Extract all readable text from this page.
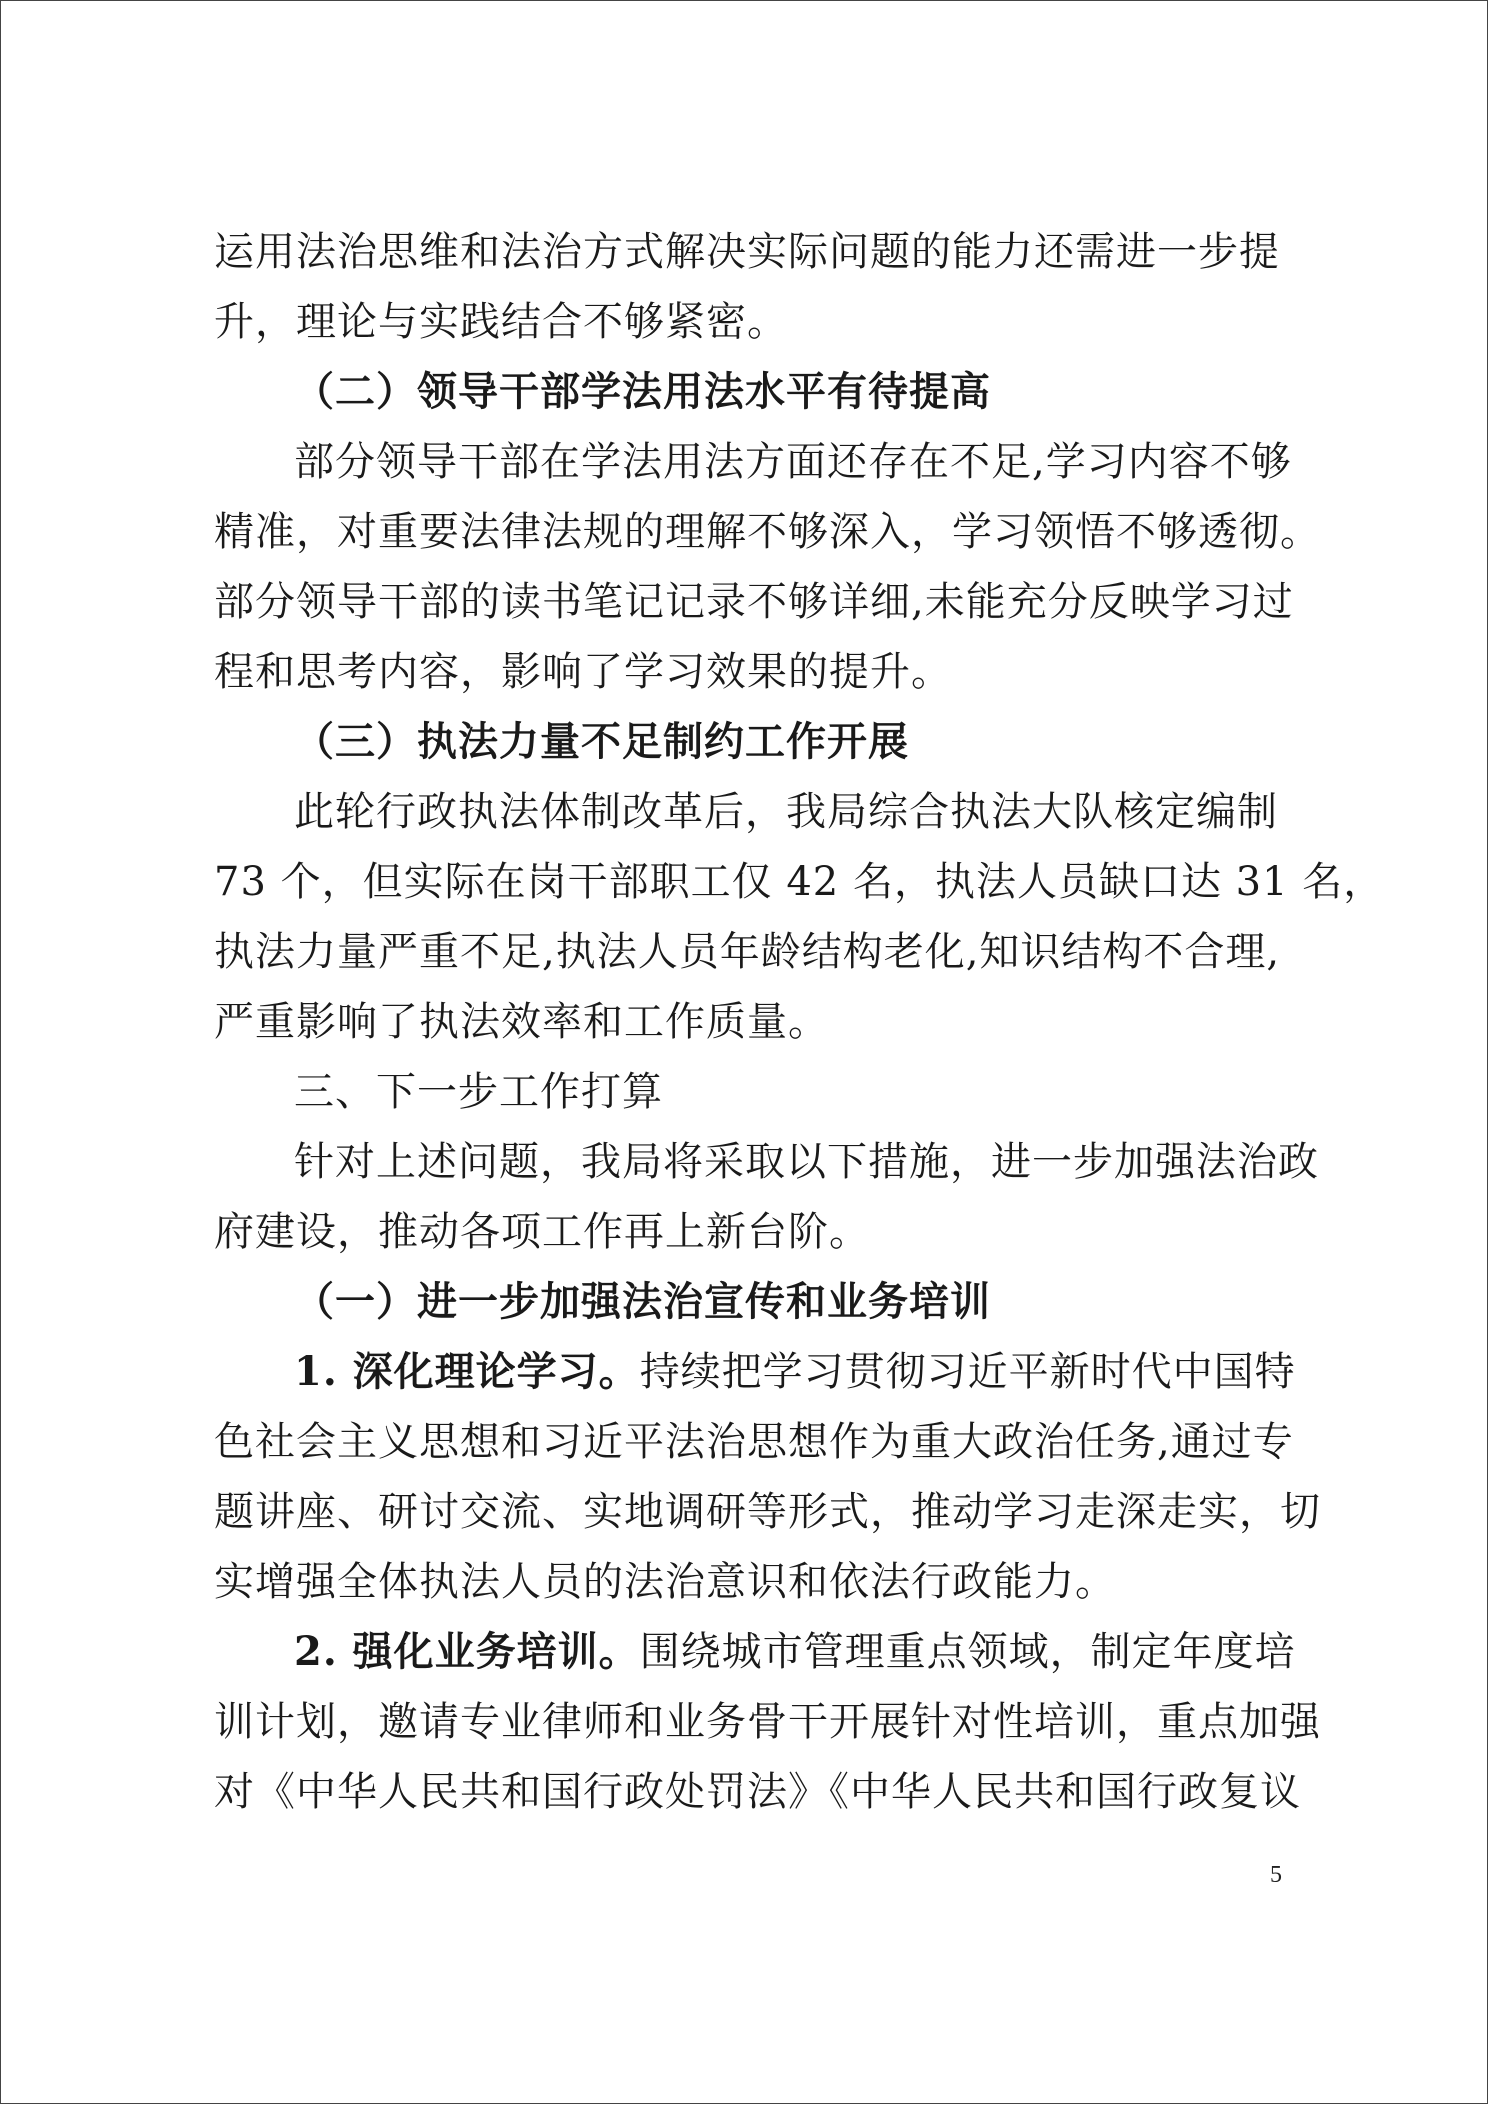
运用法治思维和法治方式解决实际问题的能力还需进一步提
升，理论与实践结合不够紧密。
（二）领导干部学法用法水平有待提高
部分领导干部在学法用法方面还存在不足,学习内容不够
精准，对重要法律法规的理解不够深入，学习领悟不够透彻。
部分领导干部的读书笔记记录不够详细,未能充分反映学习过
程和思考内容，影响了学习效果的提升。
（三）执法力量不足制约工作开展
此轮行政执法体制改革后，我局综合执法大队核定编制
73 个，但实际在岗干部职工仅 42 名，执法人员缺口达 31 名，
执法力量严重不足,执法人员年龄结构老化,知识结构不合理,
严重影响了执法效率和工作质量。
三、下一步工作打算
针对上述问题，我局将采取以下措施，进一步加强法治政
府建设，推动各项工作再上新台阶。
（一）进一步加强法治宣传和业务培训
1. 深化理论学习。持续把学习贯彻习近平新时代中国特
色社会主义思想和习近平法治思想作为重大政治任务,通过专
题讲座、研讨交流、实地调研等形式，推动学习走深走实，切
实增强全体执法人员的法治意识和依法行政能力。
2. 强化业务培训。围绕城市管理重点领域，制定年度培
训计划，邀请专业律师和业务骨干开展针对性培训，重点加强
对《中华人民共和国行政处罚法》《中华人民共和国行政复议
5
